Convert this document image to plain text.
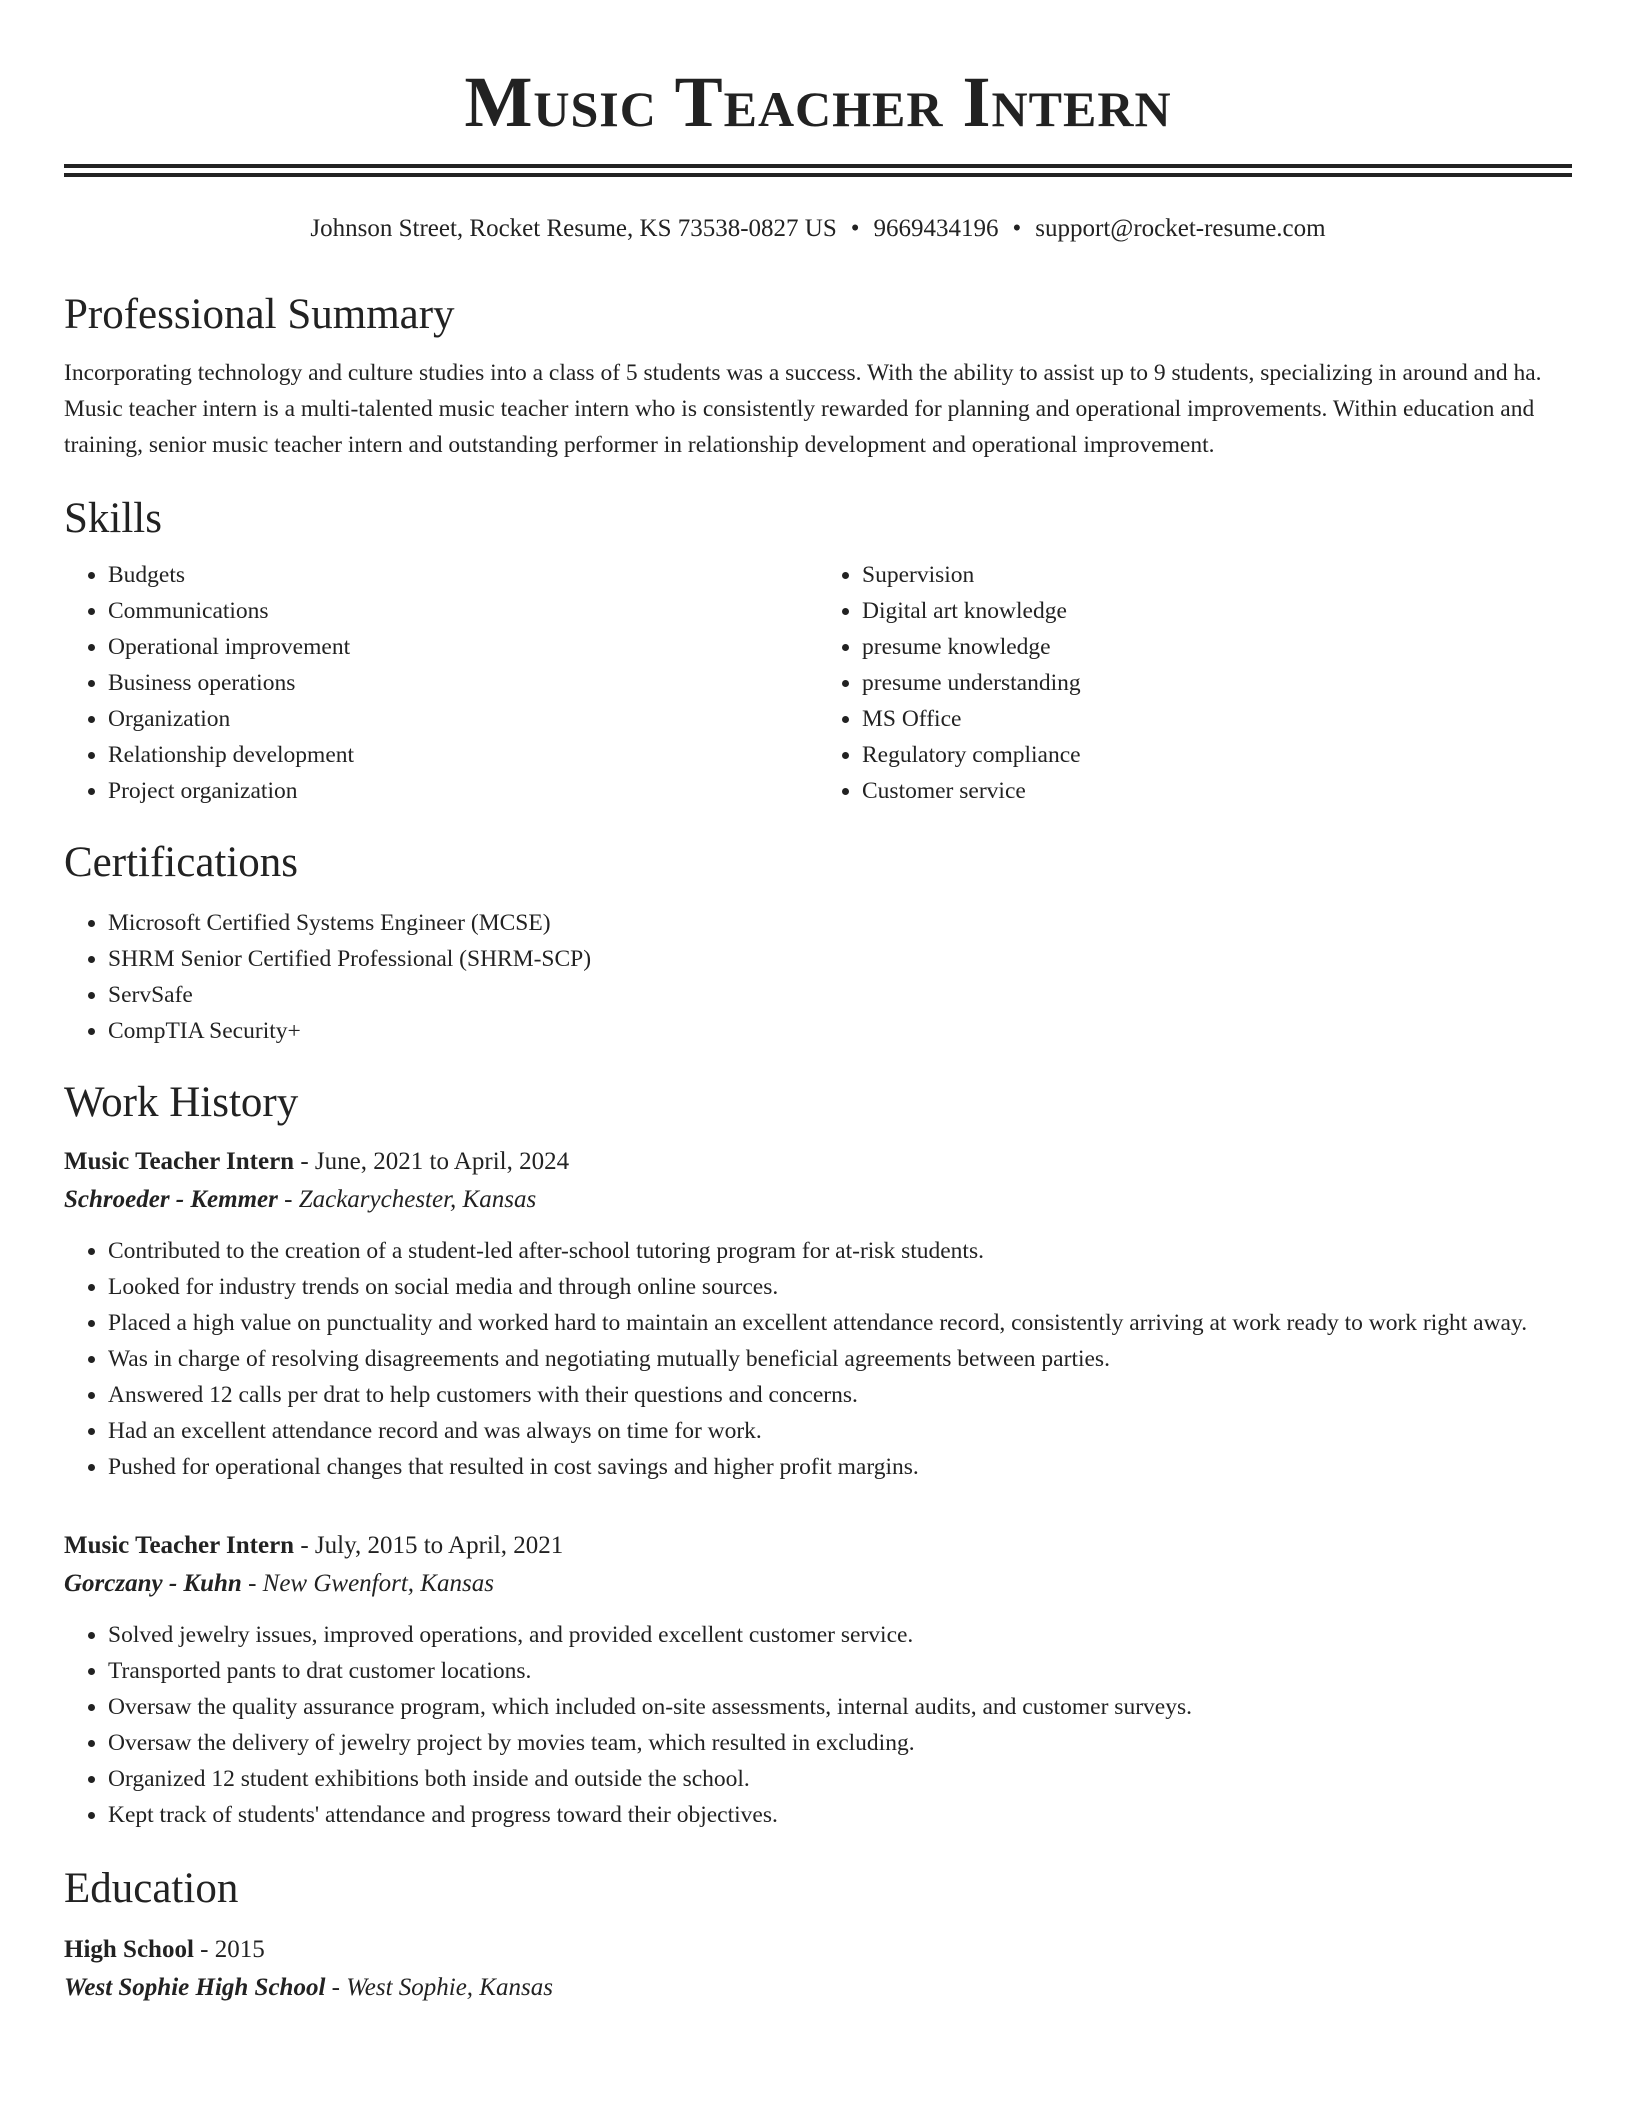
Music Teacher Intern
Johnson Street, Rocket Resume, KS 73538-0827 US • 9669434196 • support@rocket-resume.com
Professional Summary

Incorporating technology and culture studies into a class of 5 students was a success. With the ability to assist up to 9 students, specializing in around and ha. Music teacher intern is a multi-talented music teacher intern who is consistently rewarded for planning and operational improvements. Within education and training, senior music teacher intern and outstanding performer in relationship development and operational improvement.

Skills
• Budgets
• Communications
• Operational improvement
• Business operations
• Organization
• Relationship development
• Project organization
• Supervision
• Digital art knowledge
• presume knowledge
• presume understanding
• MS Office
• Regulatory compliance
• Customer service
Certifications
• Microsoft Certified Systems Engineer (MCSE)
• SHRM Senior Certified Professional (SHRM-SCP)
• ServSafe
• CompTIA Security+
Work History
Music Teacher Intern - June, 2021 to April, 2024
Schroeder - Kemmer - Zackarychester, Kansas
• Contributed to the creation of a student-led after-school tutoring program for at-risk students.
• Looked for industry trends on social media and through online sources.
• Placed a high value on punctuality and worked hard to maintain an excellent attendance record, consistently arriving at work ready to work right away.
• Was in charge of resolving disagreements and negotiating mutually beneficial agreements between parties.
• Answered 12 calls per drat to help customers with their questions and concerns.
• Had an excellent attendance record and was always on time for work.
• Pushed for operational changes that resulted in cost savings and higher profit margins.
Music Teacher Intern - July, 2015 to April, 2021
Gorczany - Kuhn - New Gwenfort, Kansas
• Solved jewelry issues, improved operations, and provided excellent customer service.
• Transported pants to drat customer locations.
• Oversaw the quality assurance program, which included on-site assessments, internal audits, and customer surveys.
• Oversaw the delivery of jewelry project by movies team, which resulted in excluding.
• Organized 12 student exhibitions both inside and outside the school.
• Kept track of students' attendance and progress toward their objectives.
Education
High School - 2015
West Sophie High School - West Sophie, Kansas
